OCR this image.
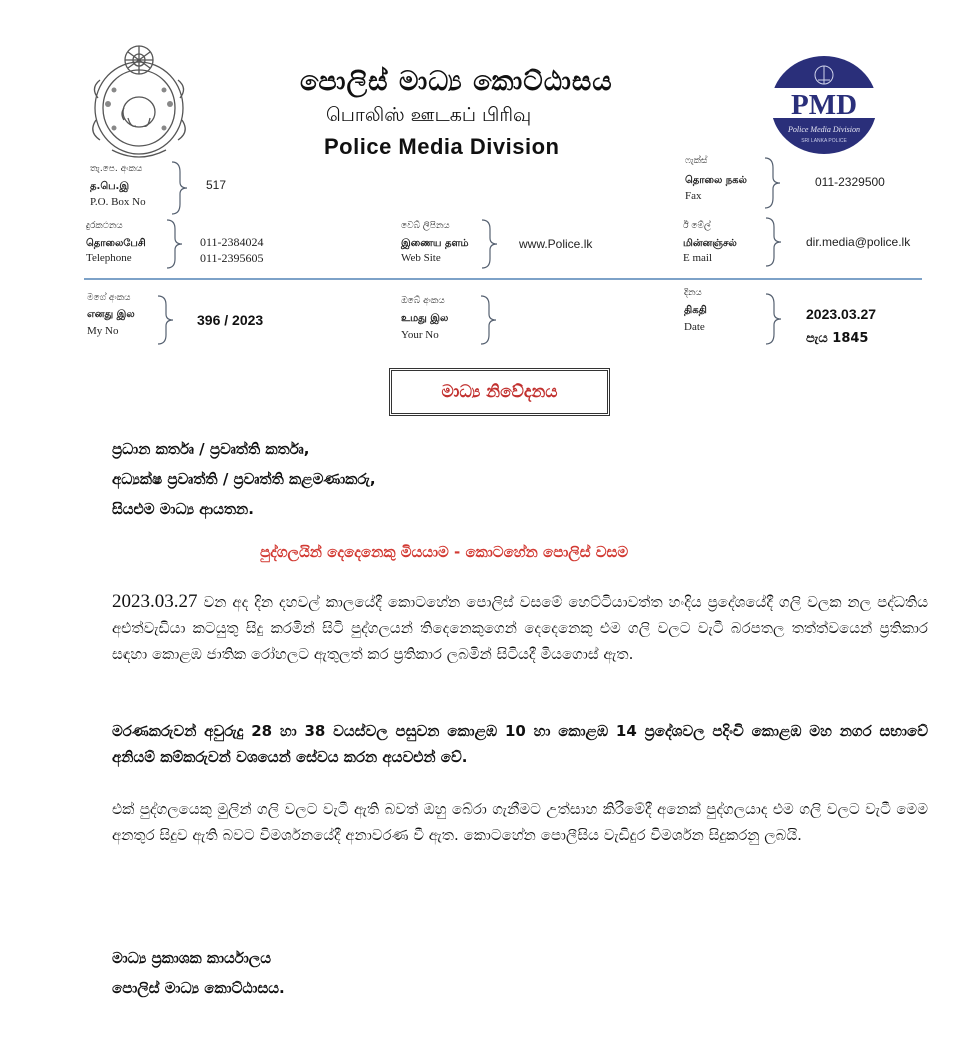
පොලිස් මාධ්‍ය කොට්ඨාසය
பொலிஸ் ஊடகப் பிரிவு
Police Media Division
PMD
Police Media Division
SRI LANKA POLICE
තැ.පෙ. අංකය
த.பெ.இ
P.O. Box No
517
ෆැක්ස්
தொலை நகல்
Fax
011-2329500
දුරකථනය
தொலைபேசி
Telephone
011-2384024
011-2395605
වෙබ් ලිපිනය
இணைய தளம்
Web Site
www.Police.lk
ඊ මේල්
மின்னஞ்சல்
E mail
dir.media@police.lk
මගේ අංකය
எனது இல
My No
396 / 2023
ඔබේ අංකය
உமது இல
Your No
දිනය
திகதி
Date
2023.03.27
පැය 1845
මාධ්‍ය නිවේදනය
ප්‍රධාන කර්තෘ / ප්‍රවෘත්ති කර්තෘ,
අධ්‍යක්ෂ ප්‍රවෘත්ති / ප්‍රවෘත්ති කළමණාකරු,
සියළුම මාධ්‍ය ආයතන.
පුද්ගලයින් දෙදෙනෙකු මියයාම - කොටහේන පොලිස් වසම
2023.03.27 වන අද දින දහවල් කාලයේදී කොටහේන පොලිස් වසමේ හෙට්ටියාවත්ත හංදිය ප්‍රදේශයේදී ගලි වලක නල පද්ධතිය අළුත්වැඩියා කටයුතු සිදු කරමින් සිටි පුද්ගලයන් තිදෙනෙකුගෙන් දෙදෙනෙකු එම ගලි වලට වැටී බරපතල තත්ත්වයෙන් ප්‍රතිකාර සඳහා කොළඹ ජාතික රෝහලට ඇතුලත් කර ප්‍රතිකාර ලබමින් සිටියදී මියගොස් ඇත.
මරණකරුවන් අවුරුදු 28 හා 38 වයස්වල පසුවන කොළඹ 10 හා කොළඹ 14 ප්‍රදේශවල පදිංචි කොළඹ මහ නගර සභාවේ අනියම් කම්කරුවන් වශයෙන් සේවය කරන අයවළුන් වේ.
එක් පුද්ගලයෙකු මුලින් ගලි වලට වැටී ඇති බවත් ඔහු බේරා ගැනීමට උත්සාහ කිරීමේදී අනෙක් පුද්ගලයාද එම ගලි වලට වැටී මෙම අනතුර සිදුව ඇති බවට විමර්ශනයේදී අනාවරණ වී ඇත. කොටහේන පොලීසිය වැඩිදුර විමර්ශන සිදුකරනු ලබයි.
මාධ්‍ය ප්‍රකාශක කාර්යාලය
පොලිස් මාධ්‍ය කොට්ඨාසය.
